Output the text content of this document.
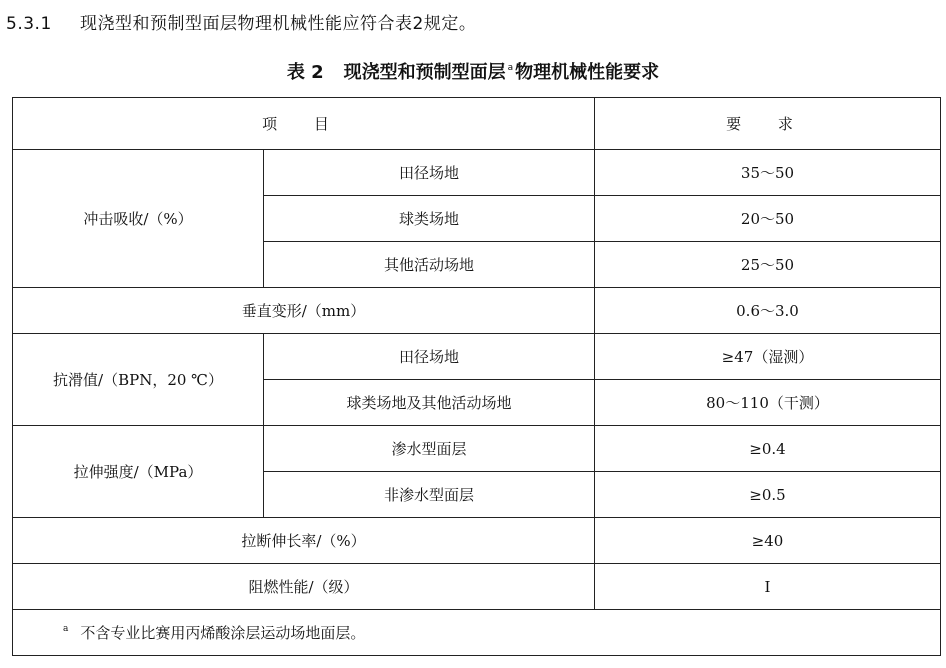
5.3.1 现浇型和预制型面层物理机械性能应符合表2规定。
表 2 现浇型和预制型面层 $^a$ 物理机械性能要求
项 目		要 求
冲击吸收/（%）	田径场地	35～50
	球类场地	20～50
	其他活动场地	25～50
垂直变形/（mm）		0.6～3.0
抗滑值/（BPN，20 ℃）	田径场地	≥47（湿测）
	球类场地及其他活动场地	80～110（干测）
拉伸强度/（MPa）	渗水型面层	≥0.4
	非渗水型面层	≥0.5
拉断伸长率/（%）		≥40
阻燃性能/（级）		I
$^a$ 不含专业比赛用丙烯酸涂层运动场地面层。		
